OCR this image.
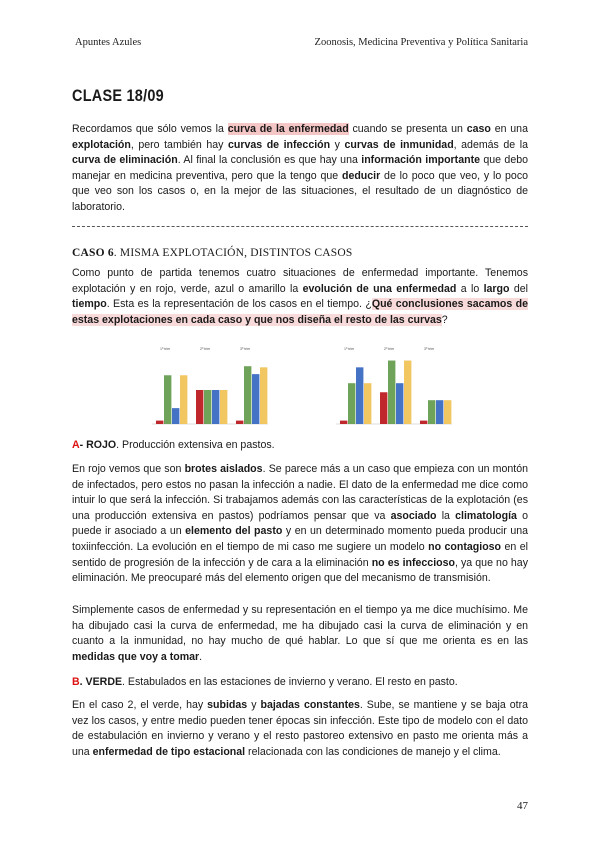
Apuntes Azules	Zoonosis, Medicina Preventiva y Política Sanitaria
CLASE 18/09

Recordamos que sólo vemos la curva de la enfermedad cuando se presenta un caso en una explotación, pero también hay curvas de infección y curvas de inmunidad, además de la curva de eliminación. Al final la conclusión es que hay una información importante que debo manejar en medicina preventiva, pero que la tengo que deducir de lo poco que veo, y lo poco que veo son los casos o, en la mejor de las situaciones, el resultado de un diagnóstico de laboratorio.

CASO 6. MISMA EXPLOTACIÓN, DISTINTOS CASOS

Como punto de partida tenemos cuatro situaciones de enfermedad importante. Tenemos explotación y en rojo, verde, azul o amarillo la evolución de una enfermedad a lo largo del tiempo. Esta es la representación de los casos en el tiempo. ¿Qué conclusiones sacamos de estas explotaciones en cada caso y que nos diseña el resto de las curvas?

1º trim	2º trim	3º trim	1º trim	2º trim	3º trim

A- ROJO. Producción extensiva en pastos.

En rojo vemos que son brotes aislados. Se parece más a un caso que empieza con un montón de infectados, pero estos no pasan la infección a nadie. El dato de la enfermedad me dice como intuir lo que será la infección. Si trabajamos además con las características de la explotación (es una producción extensiva en pastos) podríamos pensar que va asociado la climatología o puede ir asociado a un elemento del pasto y en un determinado momento pueda producir una toxiinfección. La evolución en el tiempo de mi caso me sugiere un modelo no contagioso en el sentido de progresión de la infección y de cara a la eliminación no es infeccioso, ya que no hay eliminación. Me preocuparé más del elemento origen que del mecanismo de transmisión.

Simplemente casos de enfermedad y su representación en el tiempo ya me dice muchísimo. Me ha dibujado casi la curva de enfermedad, me ha dibujado casi la curva de eliminación y en cuanto a la inmunidad, no hay mucho de qué hablar. Lo que sí que me orienta es en las medidas que voy a tomar.

B. VERDE. Estabulados en las estaciones de invierno y verano. El resto en pasto.

En el caso 2, el verde, hay subidas y bajadas constantes. Sube, se mantiene y se baja otra vez los casos, y entre medio pueden tener épocas sin infección. Este tipo de modelo con el dato de estabulación en invierno y verano y el resto pastoreo extensivo en pasto me orienta más a una enfermedad de tipo estacional relacionada con las condiciones de manejo y el clima.

47
